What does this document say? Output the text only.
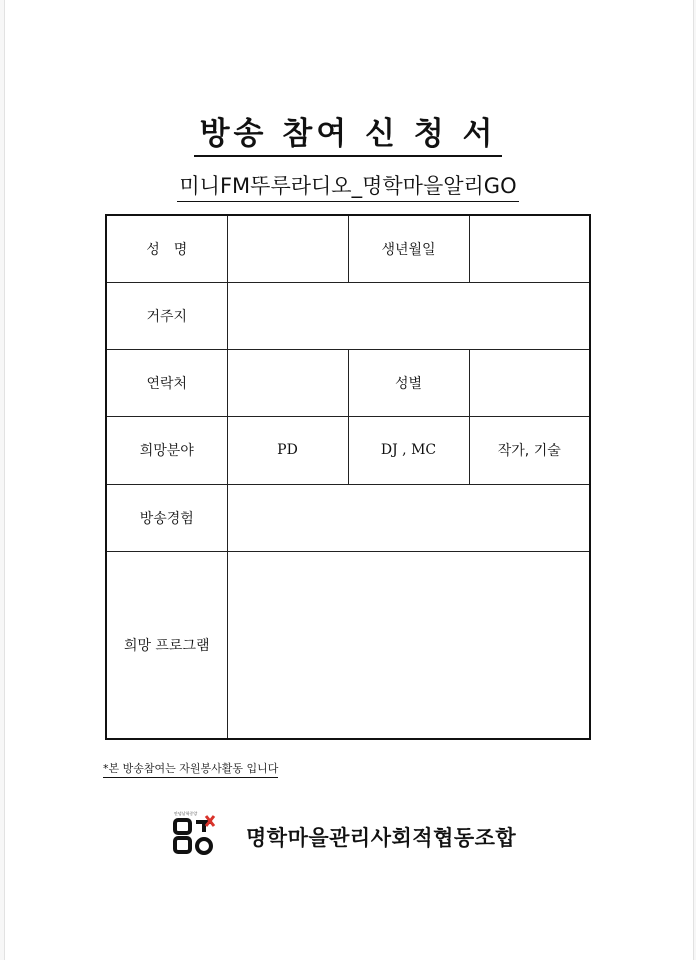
방송 참여 신 청 서
미니FM뚜루라디오_명학마을알리GO
성　명		생년월일	
거주지			
연락처		성별	
희망분야	PD	DJ , MC	작가, 기술
방송경험			
희망 프로그램			
*본 방송참여는 자원봉사활동 입니다
안녕날학중앙
명학마을관리사회적협동조합
